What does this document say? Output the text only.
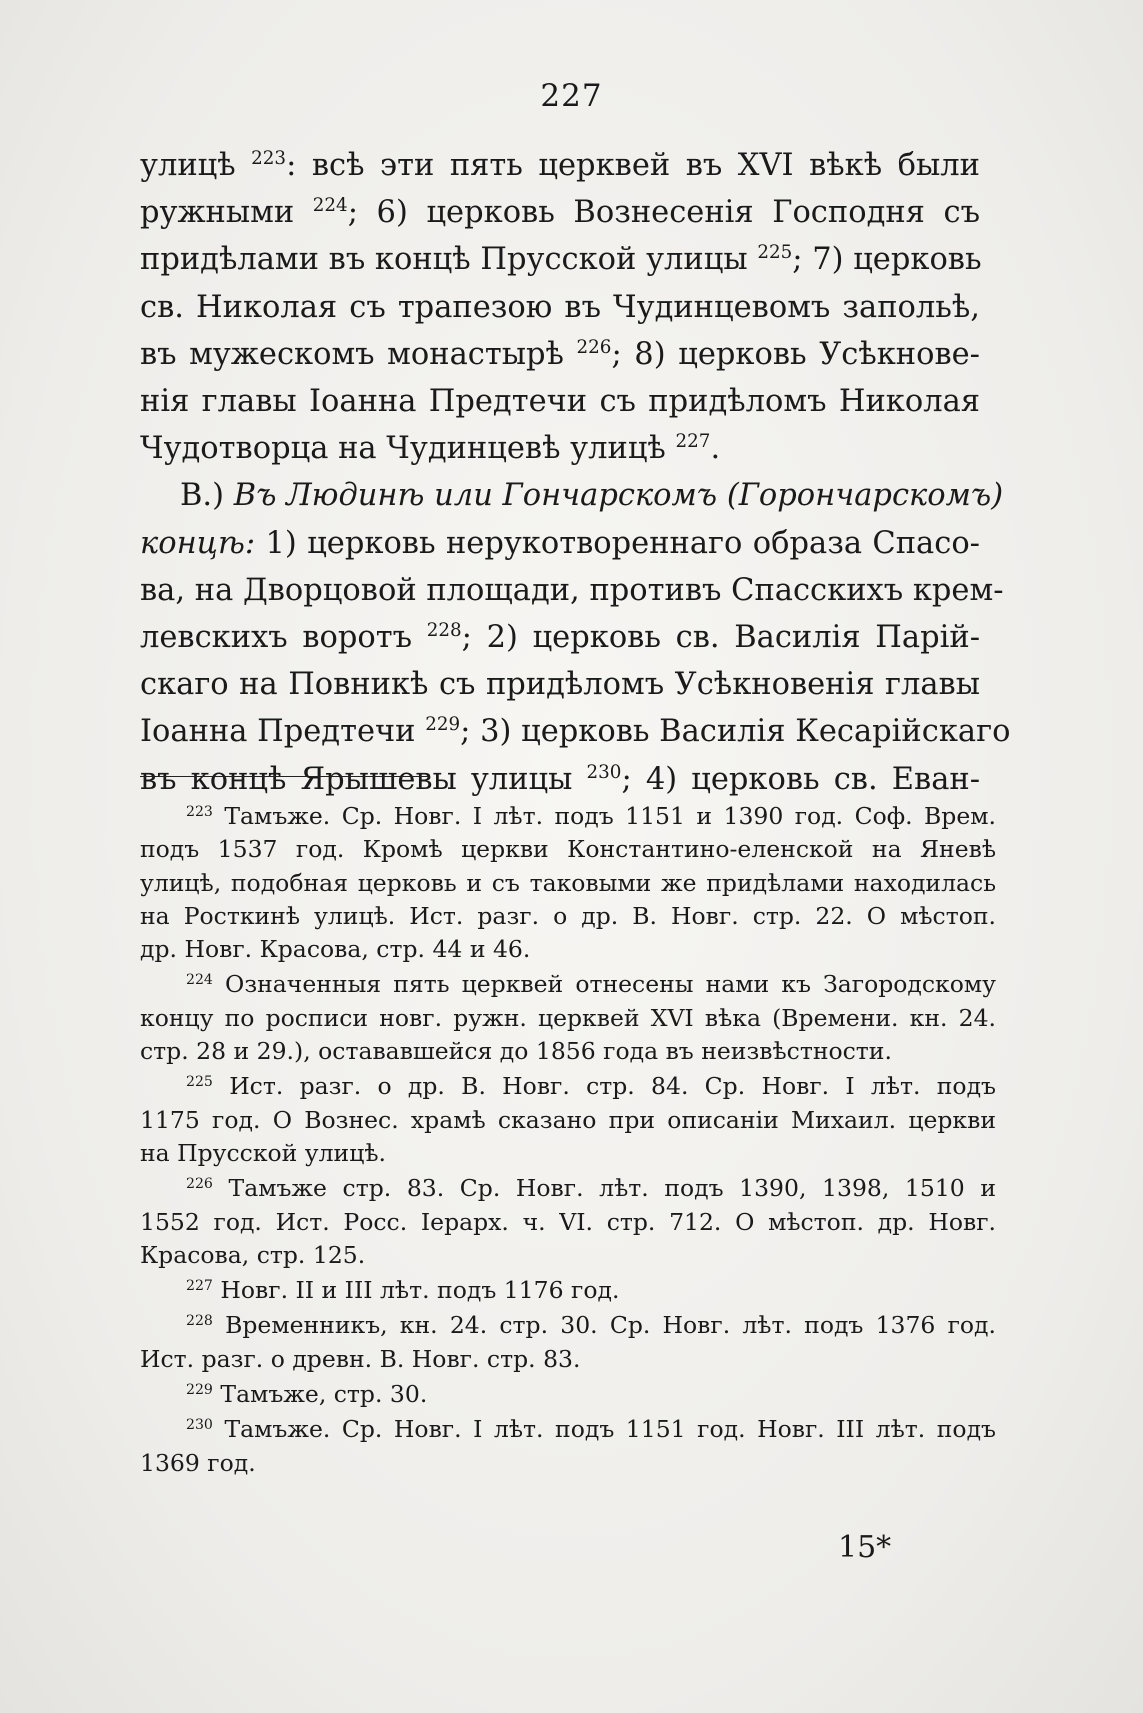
227
улицѣ $^{223}$: всѣ эти пять церквей въ XVI вѣкѣ были
ружными $^{224}$; 6) церковь Вознесенія Господня съ
придѣлами въ концѣ Прусской улицы $^{225}$; 7) церковь
св. Николая съ трапезою въ Чудинцевомъ запольѣ,
въ мужескомъ монастырѣ $^{226}$; 8) церковь Усѣкнове-
нія главы Іоанна Предтечи съ придѣломъ Николая
Чудотворца на Чудинцевѣ улицѣ $^{227}$.
В.) Въ Людинѣ или Гончарскомъ (Горончарскомъ)
концѣ: 1) церковь нерукотвореннаго образа Спасо-
ва, на Дворцовой площади, противъ Спасскихъ крем-
левскихъ воротъ $^{228}$; 2) церковь св. Василія Парій-
скаго на Повникѣ съ придѣломъ Усѣкновенія главы
Іоанна Предтечи $^{229}$; 3) церковь Василія Кесарійскаго
въ концѣ Ярышевы улицы $^{230}$; 4) церковь св. Еван-
$^{223}$ Тамъже. Ср. Новг. I лѣт. подъ 1151 и 1390 год. Соф. Врем.
подъ 1537 год. Кромѣ церкви Константино-еленской на Яневѣ
улицѣ, подобная церковь и съ таковыми же придѣлами находилась
на Росткинѣ улицѣ. Ист. разг. о др. В. Новг. стр. 22. О мѣстоп.
др. Новг. Красова, стр. 44 и 46.
$^{224}$ Означенныя пять церквей отнесены нами къ Загородскому
концу по росписи новг. ружн. церквей XVI вѣка (Времени. кн. 24.
стр. 28 и 29.), остававшейся до 1856 года въ неизвѣстности.
$^{225}$ Ист. разг. о др. В. Новг. стр. 84. Ср. Новг. I лѣт. подъ
1175 год. О Вознес. храмѣ сказано при описаніи Михаил. церкви
на Прусской улицѣ.
$^{226}$ Тамъже стр. 83. Ср. Новг. лѣт. подъ 1390, 1398, 1510 и
1552 год. Ист. Росс. Іерарх. ч. VI. стр. 712. О мѣстоп. др. Новг.
Красова, стр. 125.
$^{227}$ Новг. II и III лѣт. подъ 1176 год.
$^{228}$ Временникъ, кн. 24. стр. 30. Ср. Новг. лѣт. подъ 1376 год.
Ист. разг. о древн. В. Новг. стр. 83.
$^{229}$ Тамъже, стр. 30.
$^{230}$ Тамъже. Ср. Новг. I лѣт. подъ 1151 год. Новг. III лѣт. подъ
1369 год.
15*
